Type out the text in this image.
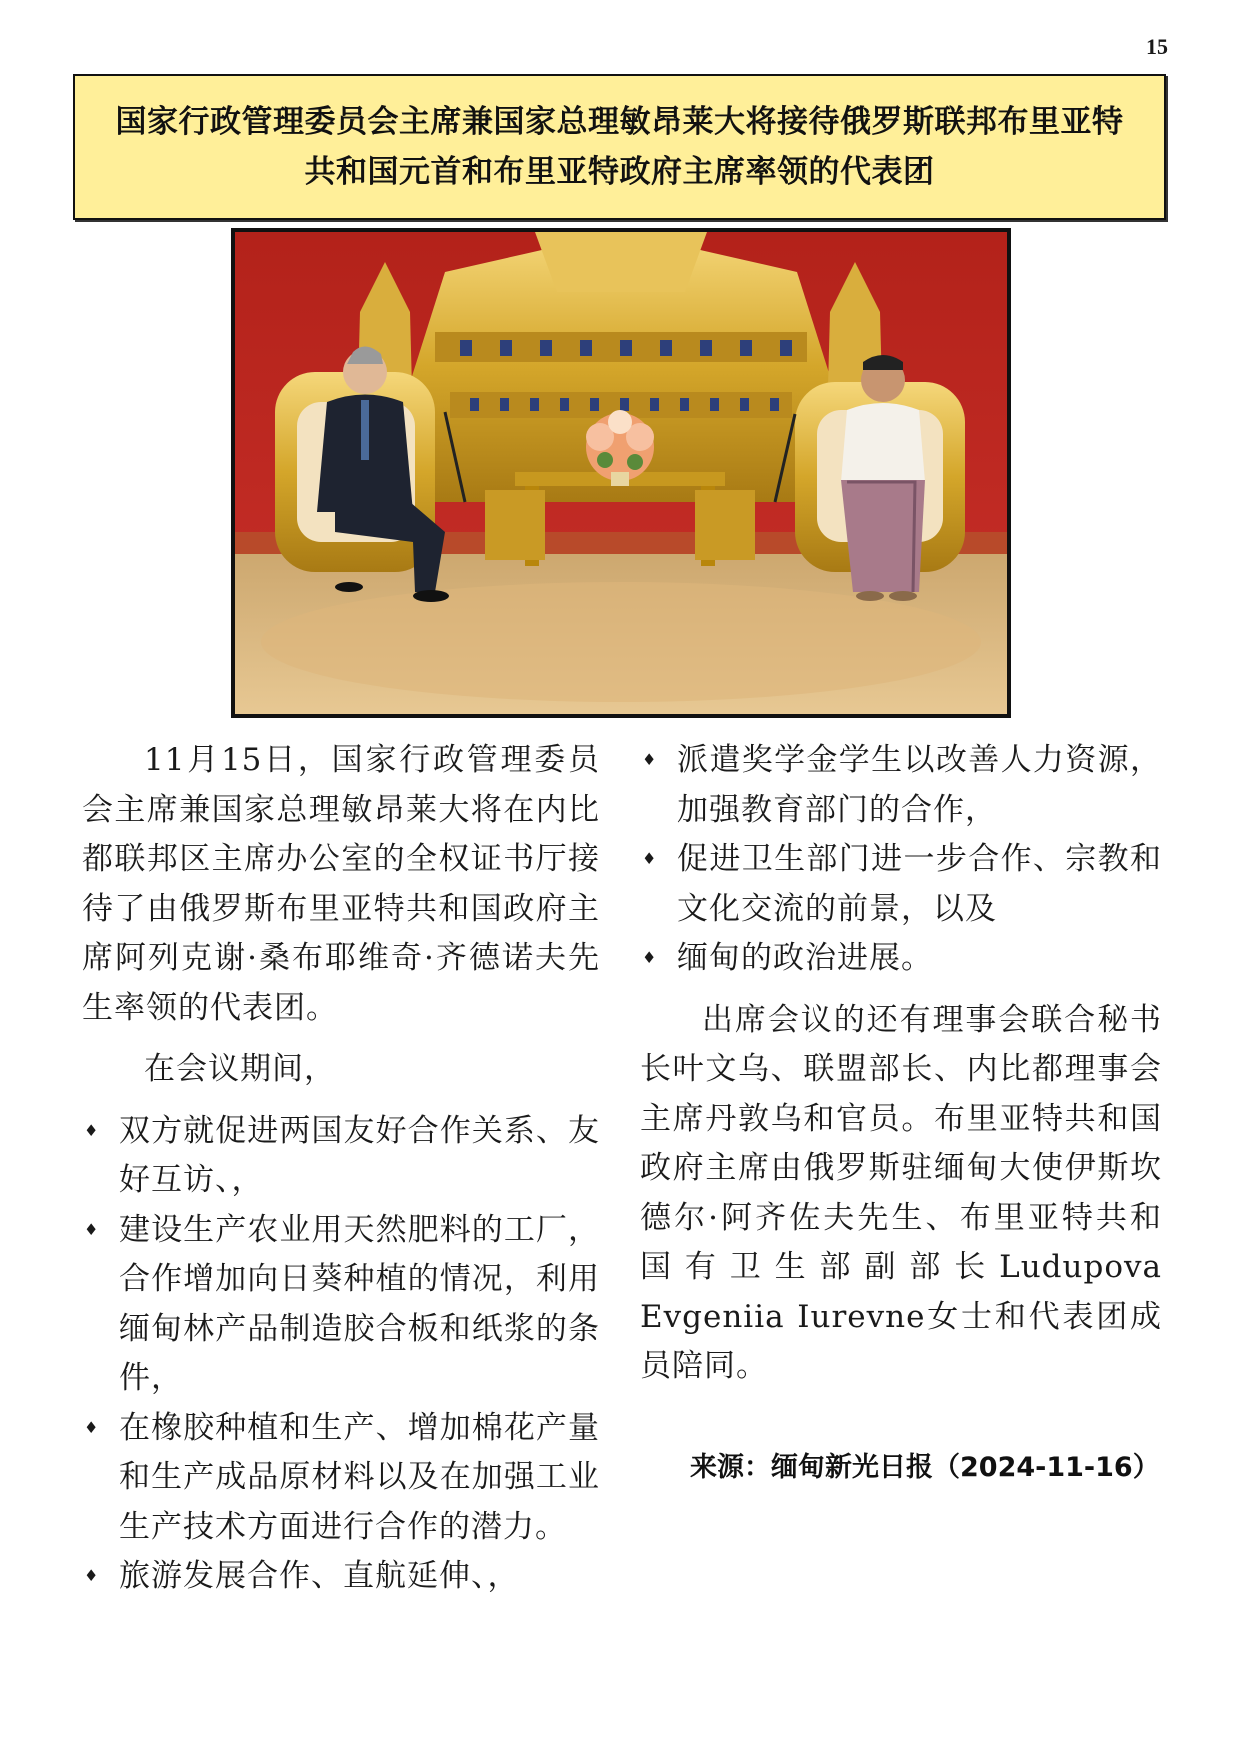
15
国家行政管理委员会主席兼国家总理敏昂莱大将接待俄罗斯联邦布里亚特
共和国元首和布里亚特政府主席率领的代表团

11月15日，国家行政管理委员会主席兼国家总理敏昂莱大将在内比都联邦区主席办公室的全权证书厅接待了由俄罗斯布里亚特共和国政府主席阿列克谢·桑布耶维奇·齐德诺夫先生率领的代表团。

在会议期间，

♦ 双方就促进两国友好合作关系、友好互访、，
♦ 建设生产农业用天然肥料的工厂，合作增加向日葵种植的情况，利用缅甸林产品制造胶合板和纸浆的条件，
♦ 在橡胶种植和生产、增加棉花产量和生产成品原材料以及在加强工业生产技术方面进行合作的潜力。
♦ 旅游发展合作、直航延伸、，
♦ 派遣奖学金学生以改善人力资源，加强教育部门的合作，
♦ 促进卫生部门进一步合作、宗教和文化交流的前景，以及
♦ 缅甸的政治进展。

出席会议的还有理事会联合秘书长叶文乌、联盟部长、内比都理事会主席丹敦乌和官员。布里亚特共和国政府主席由俄罗斯驻缅甸大使伊斯坎德尔·阿齐佐夫先生、布里亚特共和国有卫生部副部长Ludupova Evgeniia Iurevne女士和代表团成员陪同。

来源：缅甸新光日报（2024-11-16）
